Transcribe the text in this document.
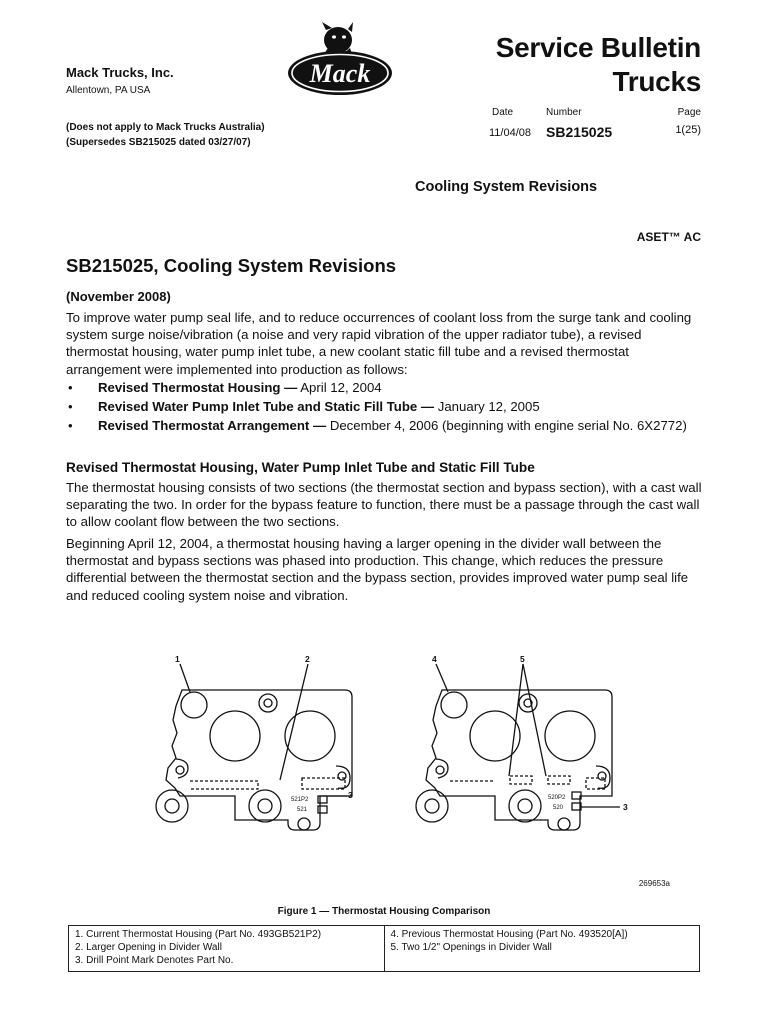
Mack Trucks, Inc.
Allentown, PA USA
Mack
Service Bulletin
Trucks
Date	Number	Page
11/04/08 SB215025	1(25)
(Does not apply to Mack Trucks Australia)
(Supersedes SB215025 dated 03/27/07)
Cooling System Revisions
ASET™ AC
SB215025, Cooling System Revisions
(November 2008)
To improve water pump seal life, and to reduce occurrences of coolant loss from the surge tank and cooling system surge noise/vibration (a noise and very rapid vibration of the upper radiator tube), a revised thermostat housing, water pump inlet tube, a new coolant static fill tube and a revised thermostat arrangement were implemented into production as follows:
• Revised Thermostat Housing — April 12, 2004
• Revised Water Pump Inlet Tube and Static Fill Tube — January 12, 2005
• Revised Thermostat Arrangement — December 4, 2006 (beginning with engine serial No. 6X2772)
Revised Thermostat Housing, Water Pump Inlet Tube and Static Fill Tube
The thermostat housing consists of two sections (the thermostat section and bypass section), with a cast wall separating the two. In order for the bypass feature to function, there must be a passage through the cast wall to allow coolant flow between the two sections.
Beginning April 12, 2004, a thermostat housing having a larger opening in the divider wall between the thermostat and bypass sections was phased into production. This change, which reduces the pressure differential between the thermostat section and the bypass section, provides improved water pump seal life and reduced cooling system noise and vibration.
521P2
521
1	2
3	520P2
520
4	5
3
269653a
Figure 1 — Thermostat Housing Comparison
1. Current Thermostat Housing (Part No. 493GB521P2)
2. Larger Opening in Divider Wall
3. Drill Point Mark Denotes Part No.

4. Previous Thermostat Housing (Part No. 493520[A])
5. Two 1/2" Openings in Divider Wall
